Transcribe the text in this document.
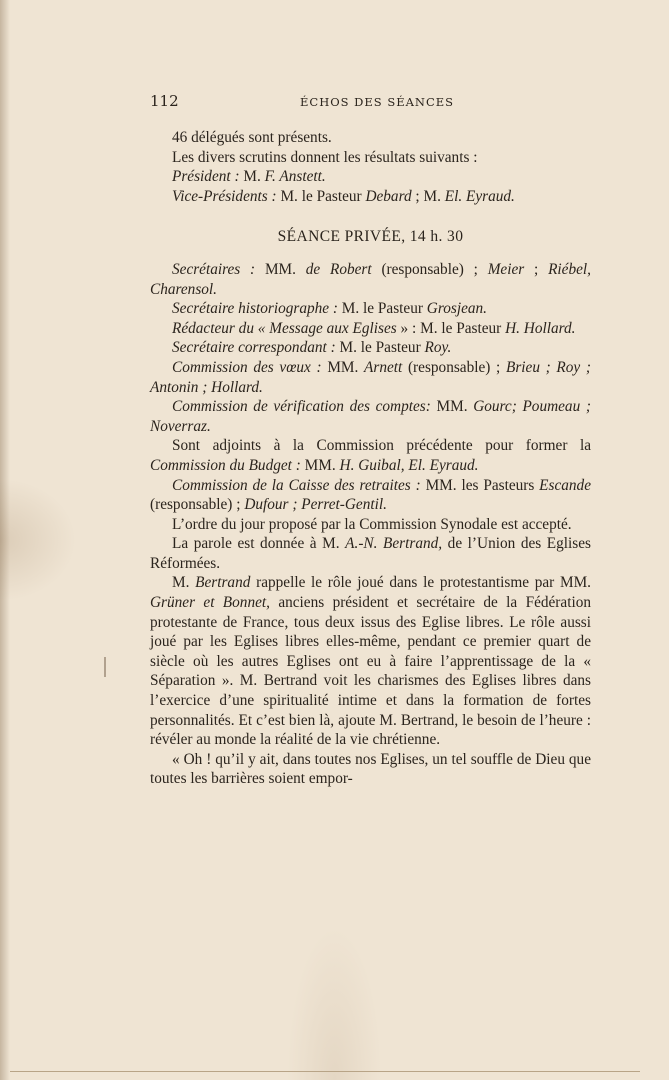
112	ÉCHOS DES SÉANCES

46 délégués sont présents.

Les divers scrutins donnent les résultats suivants :

Président : M. F. Anstett.

Vice-Présidents : M. le Pasteur Debard ; M. El. Eyraud.

SÉANCE PRIVÉE, 14 h. 30

Secrétaires : MM. de Robert (responsable) ; Meier ; Riébel, Charensol.

Secrétaire historiographe : M. le Pasteur Grosjean.

Rédacteur du « Message aux Eglises » : M. le Pasteur H. Hollard.

Secrétaire correspondant : M. le Pasteur Roy.

Commission des vœux : MM. Arnett (responsable) ; Brieu ; Roy ; Antonin ; Hollard.

Commission de vérification des comptes: MM. Gourc; Poumeau ; Noverraz.

Sont adjoints à la Commission précédente pour former la Commission du Budget : MM. H. Guibal, El. Eyraud.

Commission de la Caisse des retraites : MM. les Pasteurs Escande (responsable) ; Dufour ; Perret-Gentil.

L’ordre du jour proposé par la Commission Synodale est accepté.

La parole est donnée à M. A.-N. Bertrand, de l’Union des Eglises Réformées.

M. Bertrand rappelle le rôle joué dans le protestantisme par MM. Grüner et Bonnet, anciens président et secrétaire de la Fédération protestante de France, tous deux issus des Eglise libres. Le rôle aussi joué par les Eglises libres elles-même, pendant ce premier quart de siècle où les autres Eglises ont eu à faire l’apprentissage de la « Séparation ». M. Bertrand voit les charismes des Eglises libres dans l’exercice d’une spiritualité intime et dans la formation de fortes personnalités. Et c’est bien là, ajoute M. Bertrand, le besoin de l’heure : révéler au monde la réalité de la vie chrétienne.

« Oh ! qu’il y ait, dans toutes nos Eglises, un tel souffle de Dieu que toutes les barrières soient empor-
